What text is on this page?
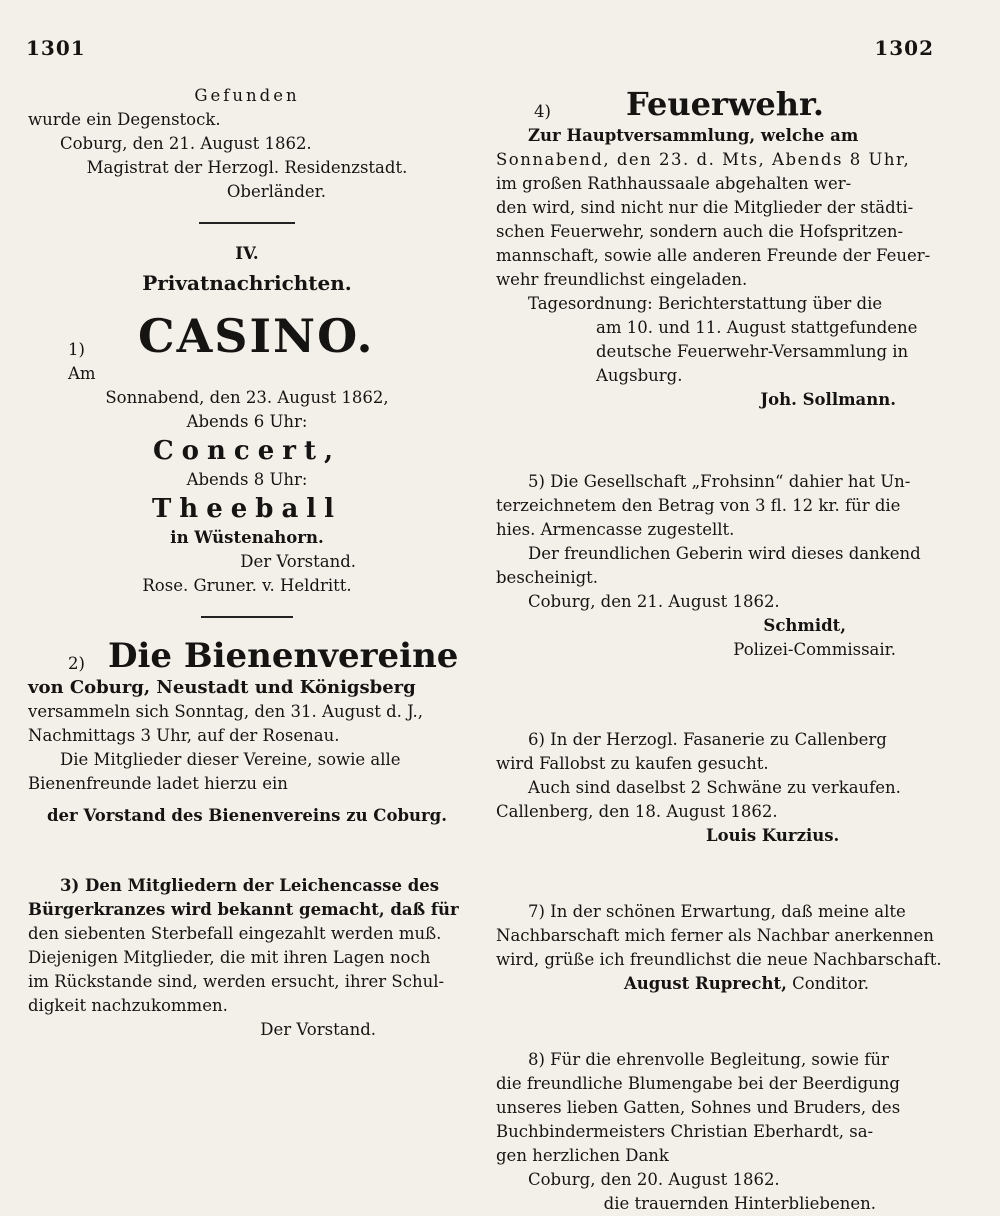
1301	1302
Gefunden
wurde ein Degenstock.
Coburg, den 21. August 1862.
Magistrat der Herzogl. Residenzstadt.
Oberländer.
IV.
Privatnachrichten.
1)	CASINO.
Am
Sonnabend, den 23. August 1862,
Abends 6 Uhr:
Concert,
Abends 8 Uhr:
Theeball
in Wüstenahorn.
Der Vorstand.
Rose. Gruner. v. Heldritt.
2) Die Bienenvereine
von Coburg, Neustadt und Königsberg
versammeln sich Sonntag, den 31. August d. J.,
Nachmittags 3 Uhr, auf der Rosenau.
Die Mitglieder dieser Vereine, sowie alle
Bienenfreunde ladet hierzu ein
der Vorstand des Bienenvereins zu Coburg.
3) Den Mitgliedern der Leichencasse des
Bürgerkranzes wird bekannt gemacht, daß für
den siebenten Sterbefall eingezahlt werden muß.
Diejenigen Mitglieder, die mit ihren Lagen noch
im Rückstande sind, werden ersucht, ihrer Schul-
digkeit nachzukommen.
Der Vorstand.
4)	Feuerwehr.
Zur Hauptversammlung, welche am
Sonnabend, den 23. d. Mts, Abends 8 Uhr,
im großen Rathhaussaale abgehalten wer-
den wird, sind nicht nur die Mitglieder der städti-
schen Feuerwehr, sondern auch die Hofspritzen-
mannschaft, sowie alle anderen Freunde der Feuer-
wehr freundlichst eingeladen.
Tagesordnung: Berichterstattung über die
am 10. und 11. August stattgefundene
deutsche Feuerwehr-Versammlung in
Augsburg.
Joh. Sollmann.
5) Die Gesellschaft „Frohsinn“ dahier hat Un-
terzeichnetem den Betrag von 3 fl. 12 kr. für die
hies. Armencasse zugestellt.
Der freundlichen Geberin wird dieses dankend
bescheinigt.
Coburg, den 21. August 1862.
Schmidt,
Polizei-Commissair.
6) In der Herzogl. Fasanerie zu Callenberg
wird Fallobst zu kaufen gesucht.
Auch sind daselbst 2 Schwäne zu verkaufen.
Callenberg, den 18. August 1862.
Louis Kurzius.
7) In der schönen Erwartung, daß meine alte
Nachbarschaft mich ferner als Nachbar anerkennen
wird, grüße ich freundlichst die neue Nachbarschaft.
August Ruprecht, Conditor.
8) Für die ehrenvolle Begleitung, sowie für
die freundliche Blumengabe bei der Beerdigung
unseres lieben Gatten, Sohnes und Bruders, des
Buchbindermeisters Christian Eberhardt, sa-
gen herzlichen Dank
Coburg, den 20. August 1862.
die trauernden Hinterbliebenen.
